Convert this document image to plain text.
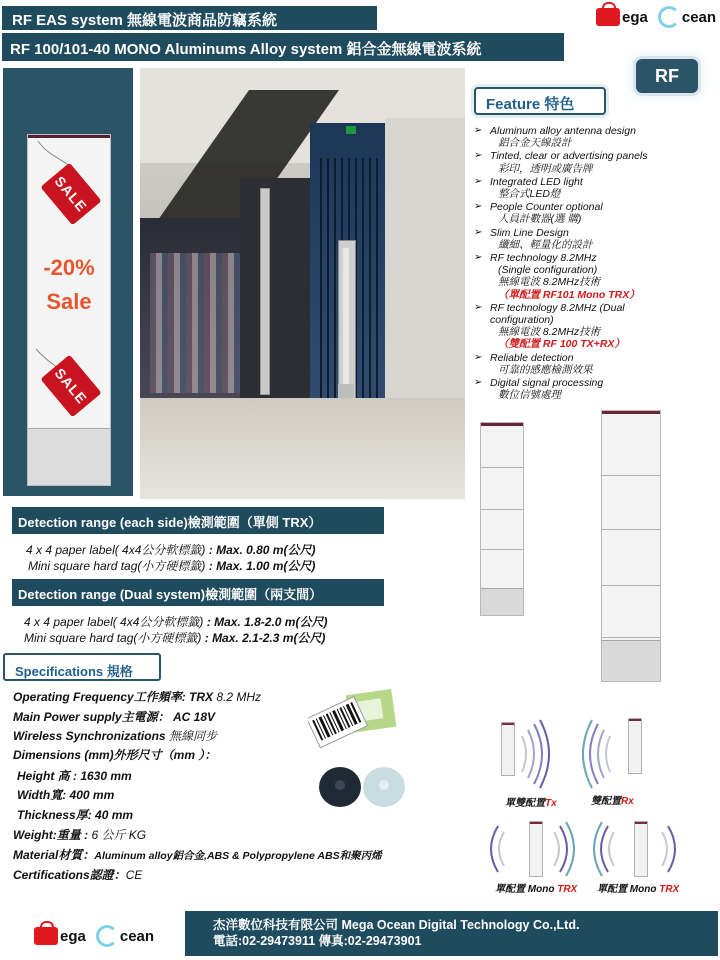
RF EAS system 無線電波商品防竊系統
RF 100/101-40 MONO Aluminums Alloy system 鋁合金無線電波系統
ega cean
RF
SALE
-20%
Sale
SALE
Feature 特色
➢ Aluminum alloy antenna design
鋁合金天線設計
➢ Tinted, clear or advertising panels
彩印，透明或廣告牌
➢ Integrated LED light
整合式LED燈
➢ People Counter optional
人員計數器(選 購)
➢ Slim Line Design
纖細、輕量化的設計
➢ RF technology 8.2MHz
(Single configuration)
無線電波 8.2MHz技術
（單配置 RF101 Mono TRX）
➢ RF technology 8.2MHz (Dual configuration)
無線電波 8.2MHz技術
（雙配置 RF 100 TX+RX）
➢ Reliable detection
可靠的感應檢測效果
➢ Digital signal processing
數位信號處理
Detection range (each side)檢測範圍（單側 TRX）
4 x 4 paper label( 4x4公分軟標籤) : Max. 0.80 m(公尺)
Mini square hard tag(小方硬標籤) : Max. 1.00 m(公尺)
Detection range (Dual system)檢測範圍（兩支間）
4 x 4 paper label( 4x4公分軟標籤) : Max. 1.8-2.0 m(公尺)
Mini square hard tag(小方硬標籤) : Max. 2.1-2.3 m(公尺)
Specifications 規格
Operating Frequency工作頻率: TRX 8.2 MHz
Main Power supply主電源： AC 18V
Wireless Synchronizations 無線同步
Dimensions (mm)外形尺寸（mm ）：
Height 高 : 1630 mm
Width寬: 400 mm
Thickness厚: 40 mm
Weight:重量 : 6 公斤 KG
Material材質：Aluminum alloy鋁合金,ABS & Polypropylene ABS和聚丙烯
Certifications認證：CE
單雙配置Tx	雙配置Rx
單配置 Mono TRX 單配置 Mono TRX
ega cean
杰洋數位科技有限公司 Mega Ocean Digital Technology Co.,Ltd.
電話:02-29473911 傳真:02-29473901
